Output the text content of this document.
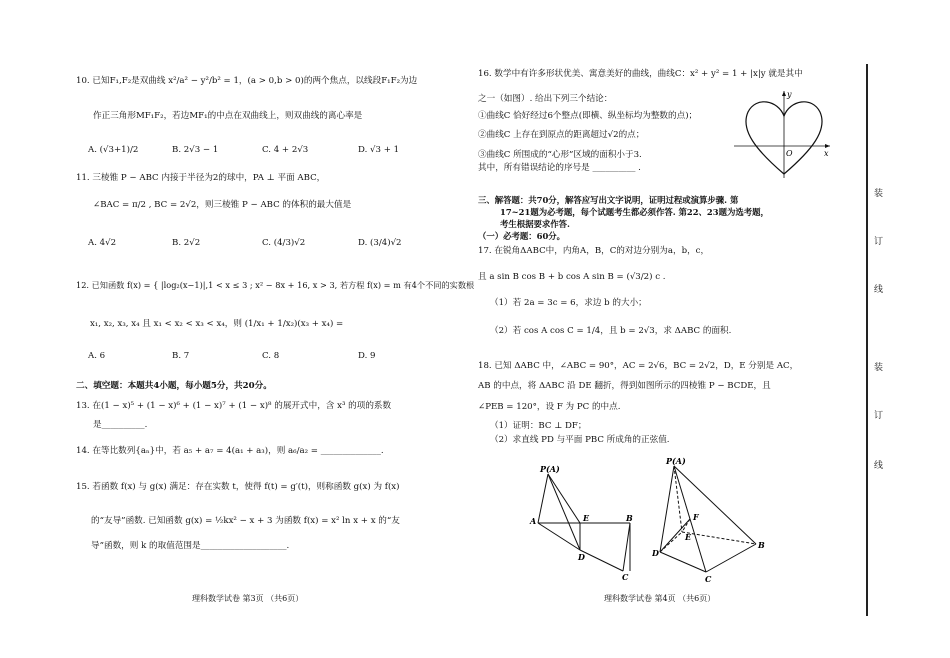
10. 已知F₁,F₂是双曲线 x²/a² − y²/b² = 1，(a > 0,b > 0)的两个焦点，以线段F₁F₂为边
作正三角形MF₁F₂，若边MF₁的中点在双曲线上，则双曲线的离心率是
A. (√3+1)/2	B. 2√3 − 1	C. 4 + 2√3	D. √3 + 1
11. 三棱锥 P − ABC 内接于半径为2的球中，PA ⊥ 平面 ABC，
∠BAC = π/2 , BC = 2√2，则三棱锥 P − ABC 的体积的最大值是
A. 4√2	B. 2√2	C. (4/3)√2	D. (3/4)√2
12. 已知函数 f(x) = { |log₂(x−1)|,1 < x ≤ 3 ; x² − 8x + 16, x > 3, 若方程 f(x) = m 有4个不同的实数根
x₁, x₂, x₃, x₄ 且 x₁ < x₂ < x₃ < x₄，则 (1/x₁ + 1/x₂)(x₃ + x₄) =
A. 6	B. 7	C. 8	D. 9
二、填空题：本题共4小题，每小题5分，共20分。
13. 在(1 − x)⁵ + (1 − x)⁶ + (1 − x)⁷ + (1 − x)⁸ 的展开式中，含 x³ 的项的系数
是__________.
14. 在等比数列{aₙ}中，若 a₅ + a₇ = 4(a₁ + a₃)，则 a₆/a₂ = ______________.
15. 若函数 f(x) 与 g(x) 满足：存在实数 t，使得 f(t) = g′(t)，则称函数 g(x) 为 f(x)
的“友导”函数. 已知函数 g(x) = ½kx² − x + 3 为函数 f(x) = x² ln x + x 的“友
导”函数，则 k 的取值范围是____________________.
理科数学试卷 第3页 （共6页）
16. 数学中有许多形状优美、寓意美好的曲线，曲线C：x² + y² = 1 + |x|y 就是其中
之一（如图）. 给出下列三个结论：
①曲线C 恰好经过6个整点(即横、纵坐标均为整数的点)；
②曲线C 上存在到原点的距离超过√2的点；
③曲线C 所围成的“心形”区域的面积小于3.
其中，所有错误结论的序号是 __________ .
y
x
O
三、解答题：共70分，解答应写出文字说明，证明过程或演算步骤. 第
17~21题为必考题，每个试题考生都必须作答. 第22、23题为选考题，
考生根据要求作答.
（一）必考题：60分。
17. 在锐角ΔABC中，内角A，B，C的对边分别为a，b，c，
且 a sin B cos B + b cos A sin B = (√3/2) c .
（1）若 2a = 3c = 6，求边 b 的大小；
（2）若 cos A cos C = 1/4，且 b = 2√3，求 ΔABC 的面积.
18. 已知 ΔABC 中，∠ABC = 90°，AC = 2√6，BC = 2√2，D，E 分别是 AC，
AB 的中点，将 ΔABC 沿 DE 翻折，得到如图所示的四棱锥 P − BCDE，且
∠PEB = 120°，设 F 为 PC 的中点.
（1）证明：BC ⊥ DF；
（2）求直线 PD 与平面 PBC 所成角的正弦值.
P(A)
A	E	B
D
C
P(A)
F
E
D
B
C
理科数学试卷 第4页 （共6页）
装
订
线
装
订
线
